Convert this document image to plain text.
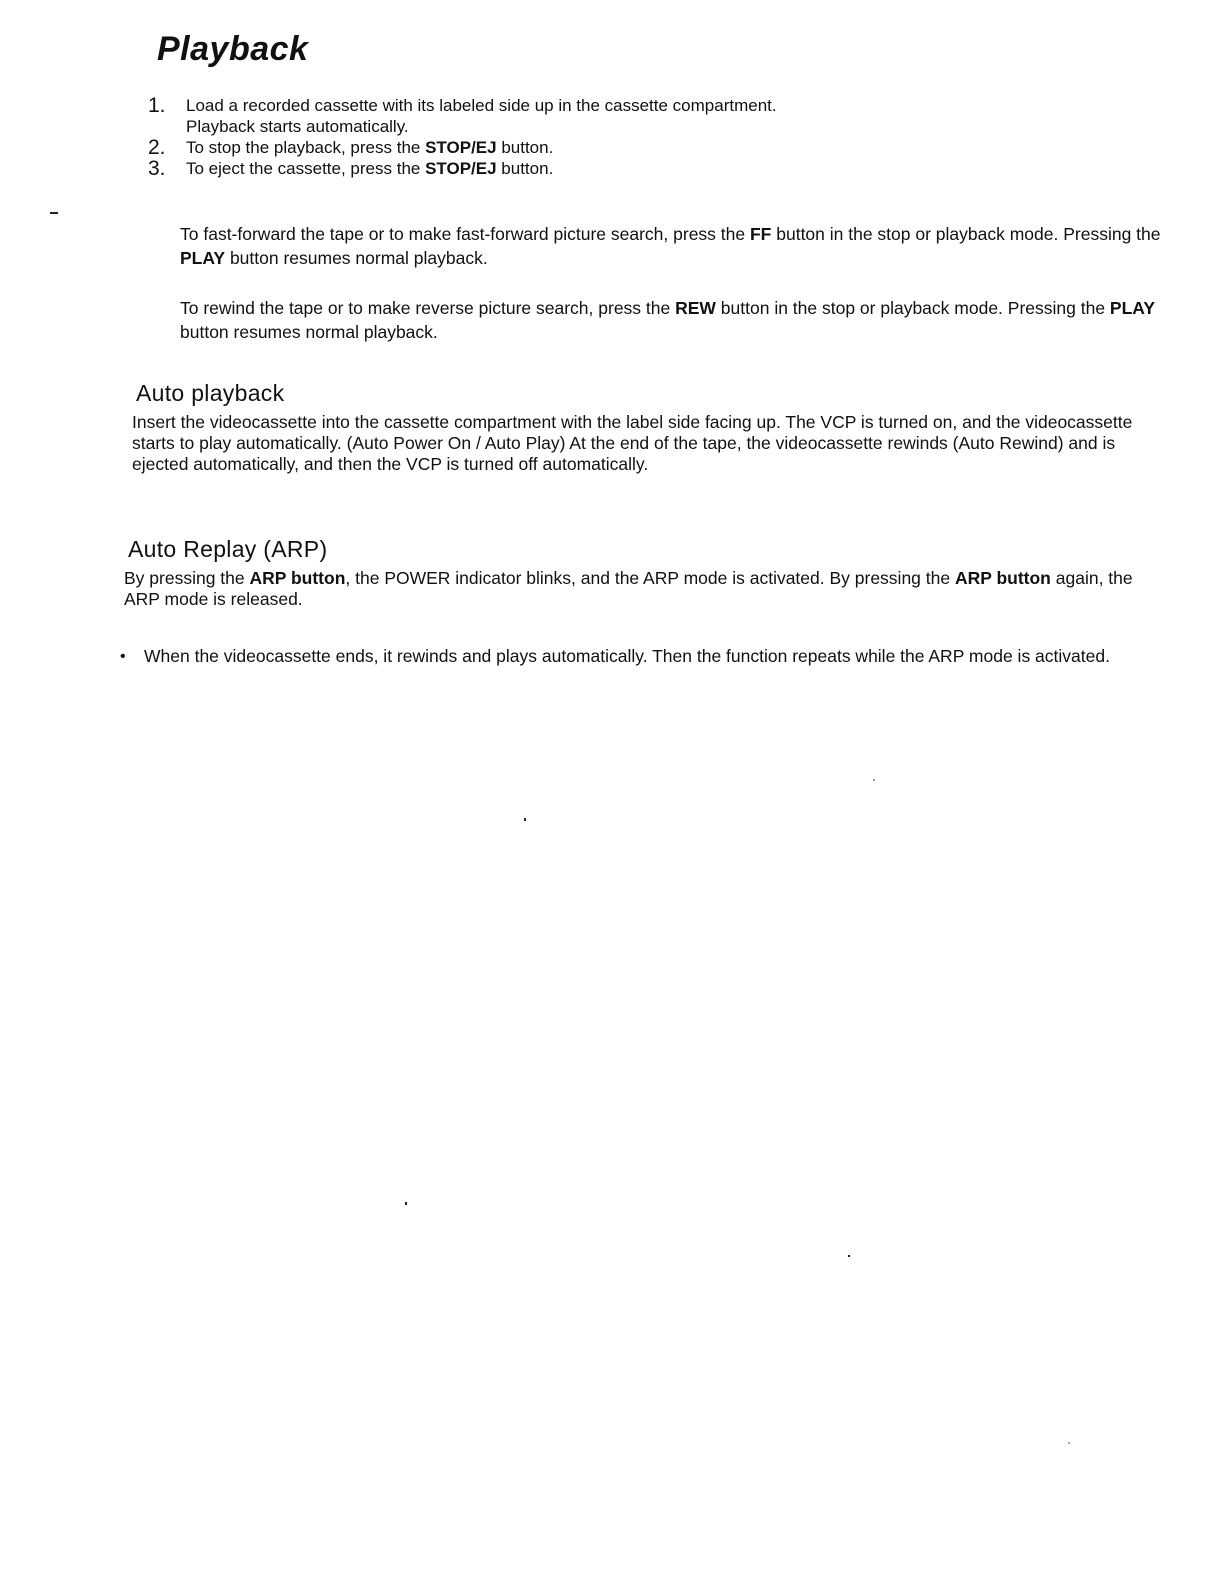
Playback
1.	Load a recorded cassette with its labeled side up in the cassette compartment.
Playback starts automatically.
2.	To stop the playback, press the STOP/EJ button.
3.	To eject the cassette, press the STOP/EJ button.
To fast-forward the tape or to make fast-forward picture search, press the FF button in the stop or playback mode. Pressing the PLAY button resumes normal playback.
To rewind the tape or to make reverse picture search, press the REW button in the stop or playback mode. Pressing the PLAY button resumes normal playback.
Auto playback
Insert the videocassette into the cassette compartment with the label side facing up. The VCP is turned on, and the videocassette starts to play automatically. (Auto Power On / Auto Play) At the end of the tape, the videocassette rewinds (Auto Rewind) and is ejected automatically, and then the VCP is turned off automatically.
Auto Replay (ARP)
By pressing the ARP button, the POWER indicator blinks, and the ARP mode is activated. By pressing the ARP button again, the ARP mode is released.
•	When the videocassette ends, it rewinds and plays automatically. Then the function repeats while the ARP mode is activated.
